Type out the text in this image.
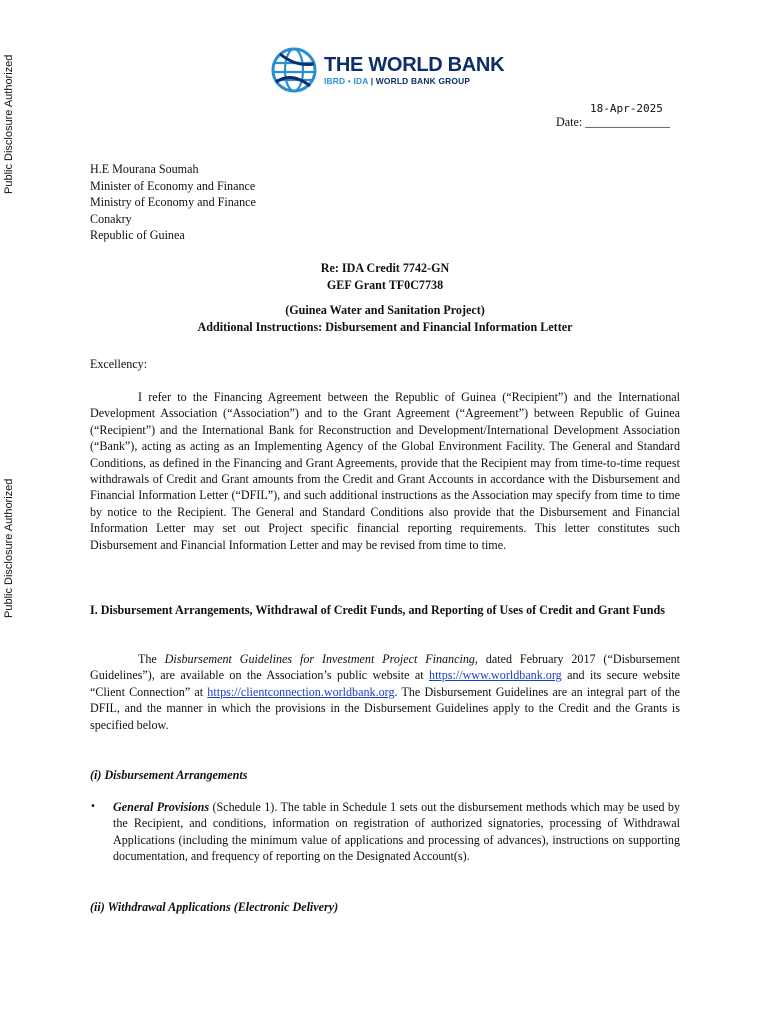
Public Disclosure Authorized
Public Disclosure Authorized
THE WORLD BANK
IBRD • IDA | WORLD BANK GROUP
18-Apr-2025
Date: ______________
H.E Mourana Soumah
Minister of Economy and Finance
Ministry of Economy and Finance
Conakry
Republic of Guinea
Re: IDA Credit 7742-GN
GEF Grant TF0C7738
(Guinea Water and Sanitation Project)
Additional Instructions: Disbursement and Financial Information Letter
Excellency:

I refer to the Financing Agreement between the Republic of Guinea (“Recipient”) and the International Development Association (“Association”) and to the Grant Agreement (“Agreement”) between Republic of Guinea (“Recipient”) and the International Bank for Reconstruction and Development/International Development Association (“Bank”), acting as acting as an Implementing Agency of the Global Environment Facility. The General and Standard Conditions, as defined in the Financing and Grant Agreements, provide that the Recipient may from time-to-time request withdrawals of Credit and Grant amounts from the Credit and Grant Accounts in accordance with the Disbursement and Financial Information Letter (“DFIL”), and such additional instructions as the Association may specify from time to time by notice to the Recipient. The General and Standard Conditions also provide that the Disbursement and Financial Information Letter may set out Project specific financial reporting requirements. This letter constitutes such Disbursement and Financial Information Letter and may be revised from time to time.

I. Disbursement Arrangements, Withdrawal of Credit Funds, and Reporting of Uses of Credit and Grant Funds

The Disbursement Guidelines for Investment Project Financing, dated February 2017 (“Disbursement Guidelines”), are available on the Association’s public website at https://www.worldbank.org and its secure website “Client Connection” at https://clientconnection.worldbank.org. The Disbursement Guidelines are an integral part of the DFIL, and the manner in which the provisions in the Disbursement Guidelines apply to the Credit and the Grants is specified below.

(i) Disbursement Arrangements
• General Provisions (Schedule 1). The table in Schedule 1 sets out the disbursement methods which may be used by the Recipient, and conditions, information on registration of authorized signatories, processing of Withdrawal Applications (including the minimum value of applications and processing of advances), instructions on supporting documentation, and frequency of reporting on the Designated Account(s).
(ii) Withdrawal Applications (Electronic Delivery)
